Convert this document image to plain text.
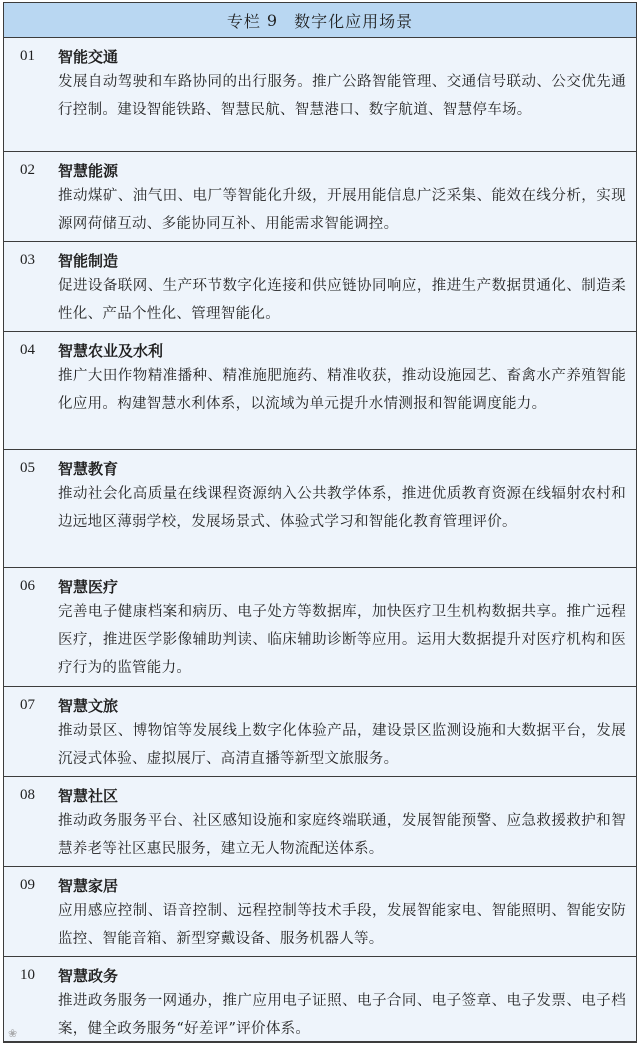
专栏 9 数字化应用场景
01	智能交通
发展自动驾驶和车路协同的出行服务。推广公路智能管理、交通信号联动、公交优先通行控制。建设智能铁路、智慧民航、智慧港口、数字航道、智慧停车场。
02	智慧能源
推动煤矿、油气田、电厂等智能化升级，开展用能信息广泛采集、能效在线分析，实现源网荷储互动、多能协同互补、用能需求智能调控。
03	智能制造
促进设备联网、生产环节数字化连接和供应链协同响应，推进生产数据贯通化、制造柔性化、产品个性化、管理智能化。
04	智慧农业及水利
推广大田作物精准播种、精准施肥施药、精准收获，推动设施园艺、畜禽水产养殖智能化应用。构建智慧水利体系，以流域为单元提升水情测报和智能调度能力。
05	智慧教育
推动社会化高质量在线课程资源纳入公共教学体系，推进优质教育资源在线辐射农村和边远地区薄弱学校，发展场景式、体验式学习和智能化教育管理评价。
06	智慧医疗
完善电子健康档案和病历、电子处方等数据库，加快医疗卫生机构数据共享。推广远程医疗，推进医学影像辅助判读、临床辅助诊断等应用。运用大数据提升对医疗机构和医疗行为的监管能力。
07	智慧文旅
推动景区、博物馆等发展线上数字化体验产品，建设景区监测设施和大数据平台，发展沉浸式体验、虚拟展厅、高清直播等新型文旅服务。
08	智慧社区
推动政务服务平台、社区感知设施和家庭终端联通，发展智能预警、应急救援救护和智慧养老等社区惠民服务，建立无人物流配送体系。
09	智慧家居
应用感应控制、语音控制、远程控制等技术手段，发展智能家电、智能照明、智能安防监控、智能音箱、新型穿戴设备、服务机器人等。
10	智慧政务
推进政务服务一网通办，推广应用电子证照、电子合同、电子签章、电子发票、电子档案，健全政务服务“好差评”评价体系。
❀
